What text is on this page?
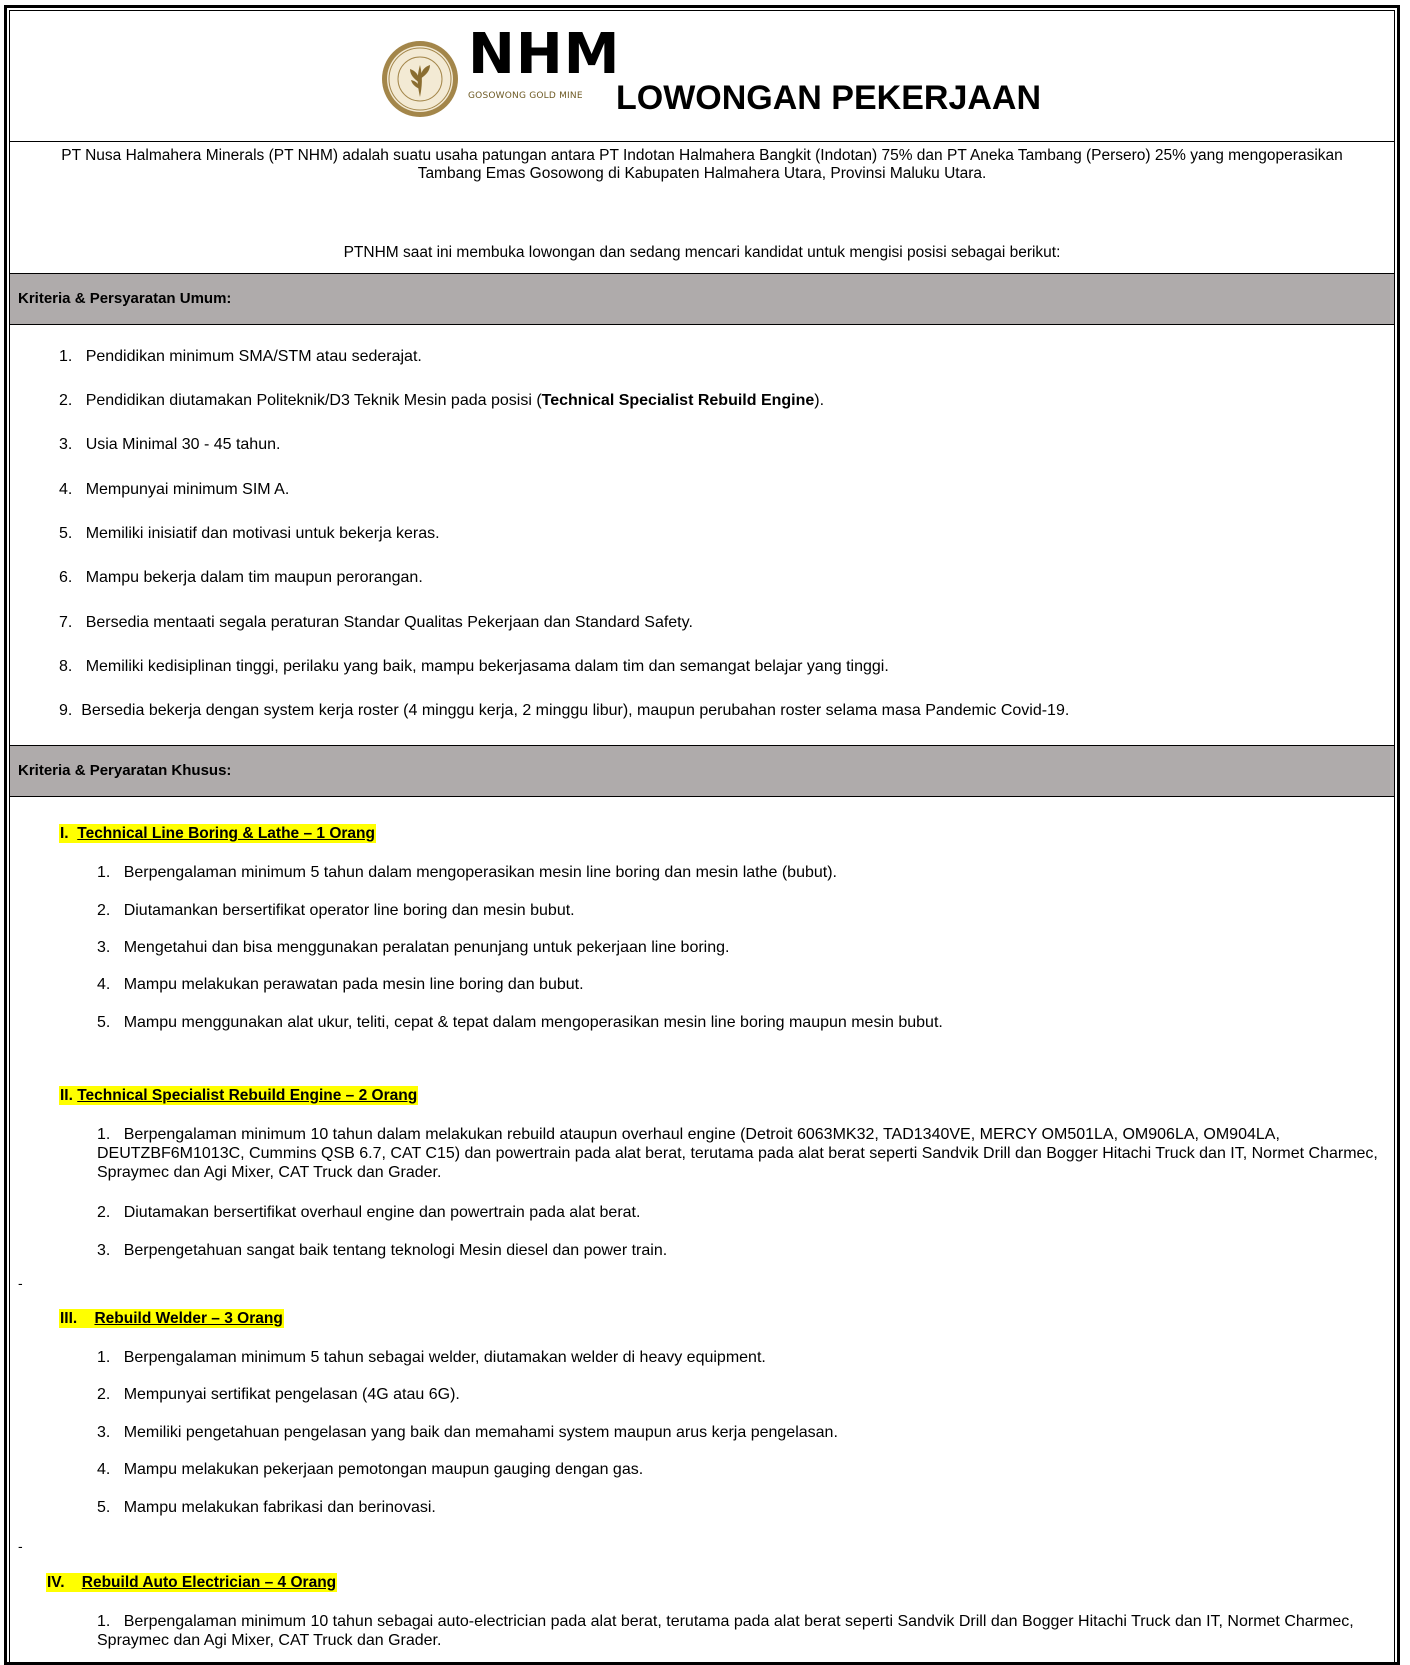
NHM
GOSOWONG GOLD MINE LOWONGAN PEKERJAAN
PT Nusa Halmahera Minerals (PT NHM) adalah suatu usaha patungan antara PT Indotan Halmahera Bangkit (Indotan) 75% dan PT Aneka Tambang (Persero) 25% yang mengoperasikan Tambang Emas Gosowong di Kabupaten Halmahera Utara, Provinsi Maluku Utara.
PTNHM saat ini membuka lowongan dan sedang mencari kandidat untuk mengisi posisi sebagai berikut:
Kriteria & Persyaratan Umum:
1. Pendidikan minimum SMA/STM atau sederajat.
2. Pendidikan diutamakan Politeknik/D3 Teknik Mesin pada posisi (Technical Specialist Rebuild Engine).
3. Usia Minimal 30 - 45 tahun.
4. Mempunyai minimum SIM A.
5. Memiliki inisiatif dan motivasi untuk bekerja keras.
6. Mampu bekerja dalam tim maupun perorangan.
7. Bersedia mentaati segala peraturan Standar Qualitas Pekerjaan dan Standard Safety.
8. Memiliki kedisiplinan tinggi, perilaku yang baik, mampu bekerjasama dalam tim dan semangat belajar yang tinggi.
9. Bersedia bekerja dengan system kerja roster (4 minggu kerja, 2 minggu libur), maupun perubahan roster selama masa Pandemic Covid-19.
Kriteria & Peryaratan Khusus:
I. Technical Line Boring & Lathe – 1 Orang
1. Berpengalaman minimum 5 tahun dalam mengoperasikan mesin line boring dan mesin lathe (bubut).
2. Diutamankan bersertifikat operator line boring dan mesin bubut.
3. Mengetahui dan bisa menggunakan peralatan penunjang untuk pekerjaan line boring.
4. Mampu melakukan perawatan pada mesin line boring dan bubut.
5. Mampu menggunakan alat ukur, teliti, cepat & tepat dalam mengoperasikan mesin line boring maupun mesin bubut.
II. Technical Specialist Rebuild Engine – 2 Orang
1. Berpengalaman minimum 10 tahun dalam melakukan rebuild ataupun overhaul engine (Detroit 6063MK32, TAD1340VE, MERCY OM501LA, OM906LA, OM904LA, DEUTZBF6M1013C, Cummins QSB 6.7, CAT C15) dan powertrain pada alat berat, terutama pada alat berat seperti Sandvik Drill dan Bogger Hitachi Truck dan IT, Normet Charmec, Spraymec dan Agi Mixer, CAT Truck dan Grader.
2. Diutamakan bersertifikat overhaul engine dan powertrain pada alat berat.
3. Berpengetahuan sangat baik tentang teknologi Mesin diesel dan power train.
-
III. Rebuild Welder – 3 Orang
1. Berpengalaman minimum 5 tahun sebagai welder, diutamakan welder di heavy equipment.
2. Mempunyai sertifikat pengelasan (4G atau 6G).
3. Memiliki pengetahuan pengelasan yang baik dan memahami system maupun arus kerja pengelasan.
4. Mampu melakukan pekerjaan pemotongan maupun gauging dengan gas.
5. Mampu melakukan fabrikasi dan berinovasi.
-
IV. Rebuild Auto Electrician – 4 Orang
1. Berpengalaman minimum 10 tahun sebagai auto-electrician pada alat berat, terutama pada alat berat seperti Sandvik Drill dan Bogger Hitachi Truck dan IT, Normet Charmec, Spraymec dan Agi Mixer, CAT Truck dan Grader.
